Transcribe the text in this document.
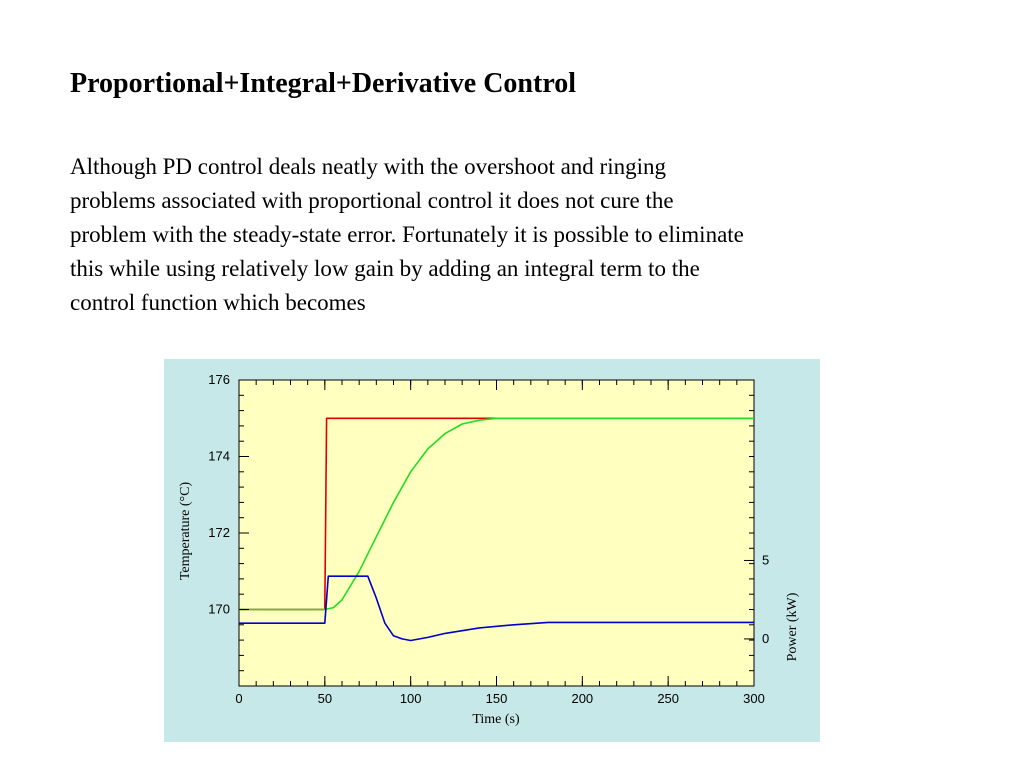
Proportional+Integral+Derivative Control
Although PD control deals neatly with the overshoot and ringing
problems associated with proportional control it does not cure the
problem with the steady-state error. Fortunately it is possible to eliminate
this while using relatively low gain by adding an integral term to the
control function which becomes
0	50	100	150	200	250	300
170
172
174
176
0
5
Time (s)
Temperature (°C)
Power (kW)
